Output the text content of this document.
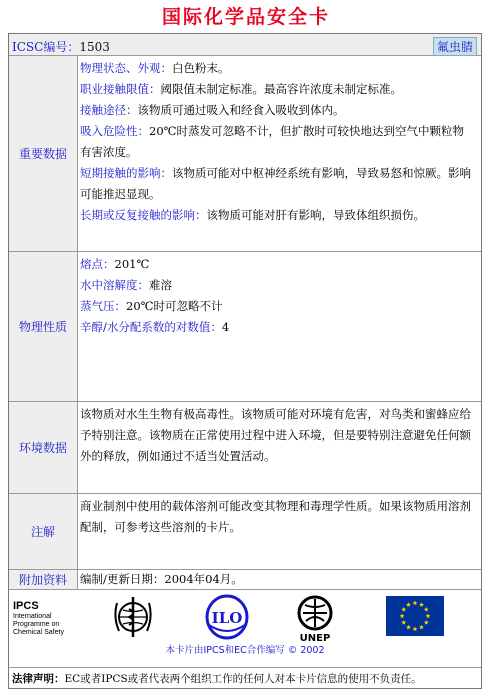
国际化学品安全卡
ICSC编号：1503	氟虫腈
重要数据
物理状态、外观：白色粉末。
职业接触限值：阈限值未制定标准。最高容许浓度未制定标准。
接触途径：该物质可通过吸入和经食入吸收到体内。
吸入危险性：20℃时蒸发可忽略不计，但扩散时可较快地达到空气中颗粒物有害浓度。
短期接触的影响：该物质可能对中枢神经系统有影响，导致易怒和惊厥。影响可能推迟显现。
长期或反复接触的影响：该物质可能对肝有影响，导致体组织损伤。
物理性质
熔点：201℃
水中溶解度：难溶
蒸气压：20℃时可忽略不计
辛醇/水分配系数的对数值：4
环境数据
该物质对水生生物有极高毒性。该物质可能对环境有危害，对鸟类和蜜蜂应给予特别注意。该物质在正常使用过程中进入环境，但是要特别注意避免任何额外的释放，例如通过不适当处置活动。
注解
商业制剂中使用的载体溶剂可能改变其物理和毒理学性质。如果该物质用溶剂配制，可参考这些溶剂的卡片。
附加资料	编制/更新日期：2004年04月。
IPCS
International
Programme on
Chemical Safety
ILO
UNEP
本卡片由IPCS和EC合作编写 © 2002
法律声明：EC或者IPCS或者代表两个组织工作的任何人对本卡片信息的使用不负责任。
